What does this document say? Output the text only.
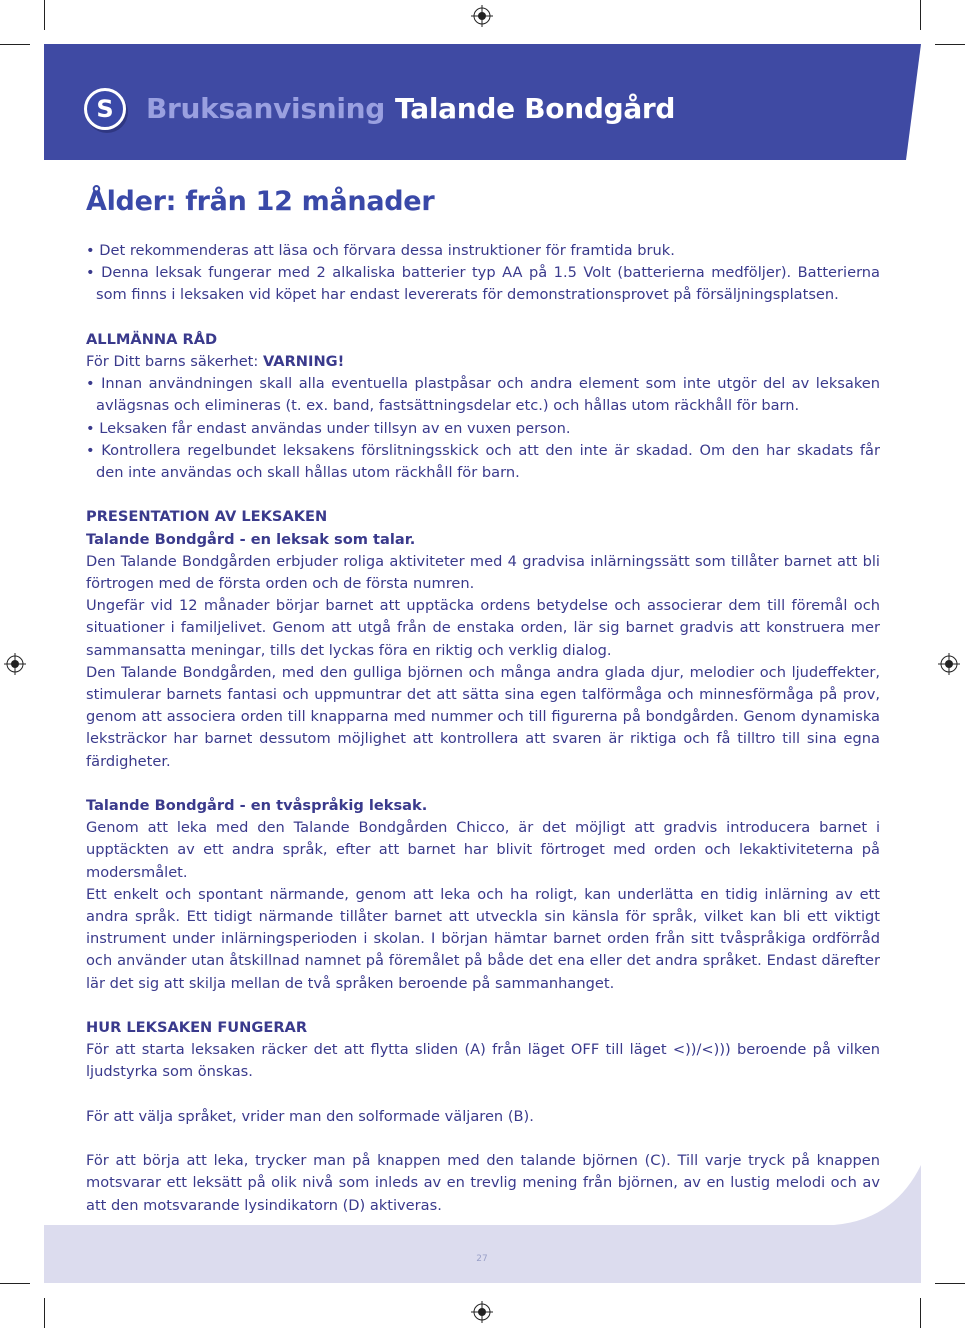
S	Bruksanvisning Talande Bondgård
Ålder: från 12 månader

• Det rekommenderas att läsa och förvara dessa instruktioner för framtida bruk.

• Denna leksak fungerar med 2 alkaliska batterier typ AA på 1.5 Volt (batterierna medföljer). Batterierna som finns i leksaken vid köpet har endast levererats för demonstrationsprovet på försäljningsplatsen.

ALLMÄNNA RÅD

För Ditt barns säkerhet: VARNING!

• Innan användningen skall alla eventuella plastpåsar och andra element som inte utgör del av leksaken avlägsnas och elimineras (t. ex. band, fastsättningsdelar etc.) och hållas utom räckhåll för barn.

• Leksaken får endast användas under tillsyn av en vuxen person.

• Kontrollera regelbundet leksakens förslitningsskick och att den inte är skadad. Om den har skadats får den inte användas och skall hållas utom räckhåll för barn.

PRESENTATION AV LEKSAKEN

Talande Bondgård - en leksak som talar.

Den Talande Bondgården erbjuder roliga aktiviteter med 4 gradvisa inlärningssätt som tillåter barnet att bli förtrogen med de första orden och de första numren.

Ungefär vid 12 månader börjar barnet att upptäcka ordens betydelse och associerar dem till föremål och situationer i familjelivet. Genom att utgå från de enstaka orden, lär sig barnet gradvis att konstruera mer sammansatta meningar, tills det lyckas föra en riktig och verklig dialog.

Den Talande Bondgården, med den gulliga björnen och många andra glada djur, melodier och ljudeffekter, stimulerar barnets fantasi och uppmuntrar det att sätta sina egen talförmåga och minnesförmåga på prov, genom att associera orden till knapparna med nummer och till figurerna på bondgården. Genom dynamiska leksträckor har barnet dessutom möjlighet att kontrollera att svaren är riktiga och få tilltro till sina egna färdigheter.

Talande Bondgård - en tvåspråkig leksak.

Genom att leka med den Talande Bondgården Chicco, är det möjligt att gradvis introducera barnet i upptäckten av ett andra språk, efter att barnet har blivit förtroget med orden och lekaktiviteterna på modersmålet.

Ett enkelt och spontant närmande, genom att leka och ha roligt, kan underlätta en tidig inlärning av ett andra språk. Ett tidigt närmande tillåter barnet att utveckla sin känsla för språk, vilket kan bli ett viktigt instrument under inlärningsperioden i skolan. I början hämtar barnet orden från sitt tvåspråkiga ordförråd och använder utan åtskillnad namnet på föremålet på både det ena eller det andra språket. Endast därefter lär det sig att skilja mellan de två språken beroende på sammanhanget.

HUR LEKSAKEN FUNGERAR

För att starta leksaken räcker det att flytta sliden (A) från läget OFF till läget <))/<))) beroende på vilken ljudstyrka som önskas.

För att välja språket, vrider man den solformade väljaren (B).

För att börja att leka, trycker man på knappen med den talande björnen (C). Till varje tryck på knappen motsvarar ett leksätt på olik nivå som inleds av en trevlig mening från björnen, av en lustig melodi och av att den motsvarande lysindikatorn (D) aktiveras.

27
